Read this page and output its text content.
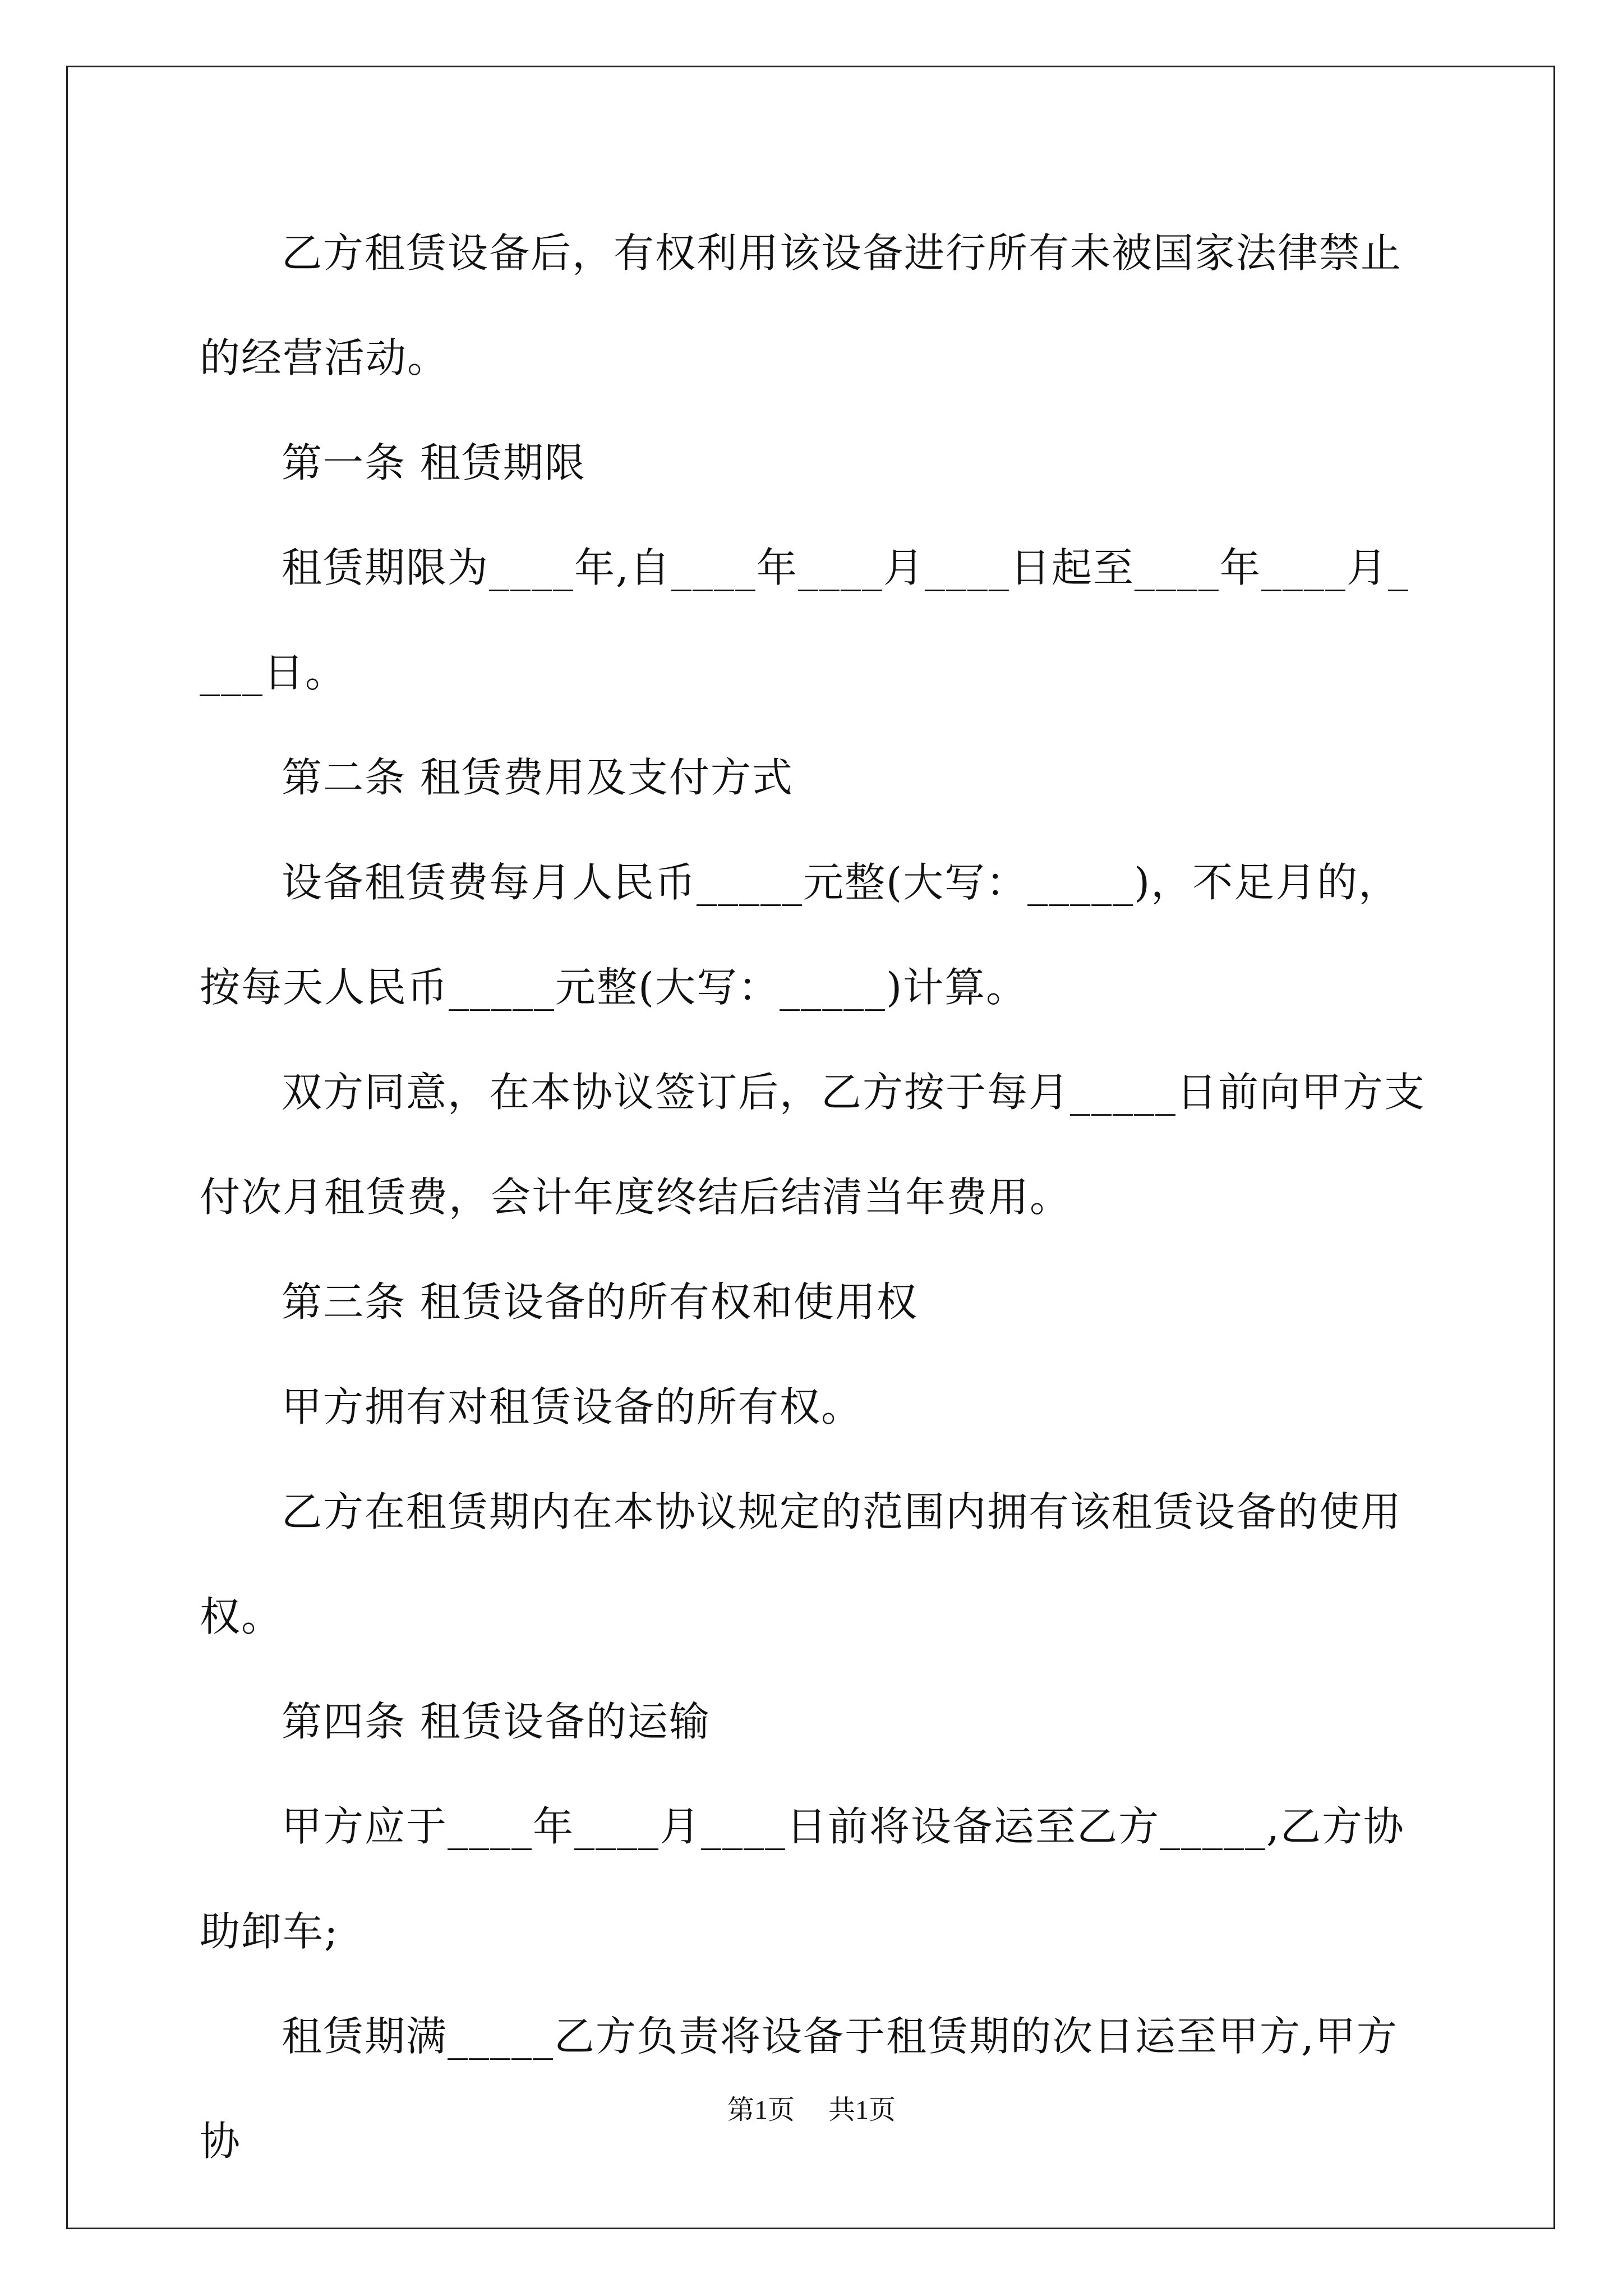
乙方租赁设备后，有权利用该设备进行所有未被国家法律禁止的经营活动。

第一条 租赁期限

租赁期限为____年,自____年____月____日起至____年____月____日。

第二条 租赁费用及支付方式

设备租赁费每月人民币_____元整(大写：_____)，不足月的，按每天人民币_____元整(大写：_____)计算。

双方同意，在本协议签订后，乙方按于每月_____日前向甲方支付次月租赁费，会计年度终结后结清当年费用。

第三条 租赁设备的所有权和使用权

甲方拥有对租赁设备的所有权。

乙方在租赁期内在本协议规定的范围内拥有该租赁设备的使用权。

第四条 租赁设备的运输

甲方应于____年____月____日前将设备运至乙方_____,乙方协助卸车;

租赁期满_____乙方负责将设备于租赁期的次日运至甲方,甲方协

第1页 共1页
